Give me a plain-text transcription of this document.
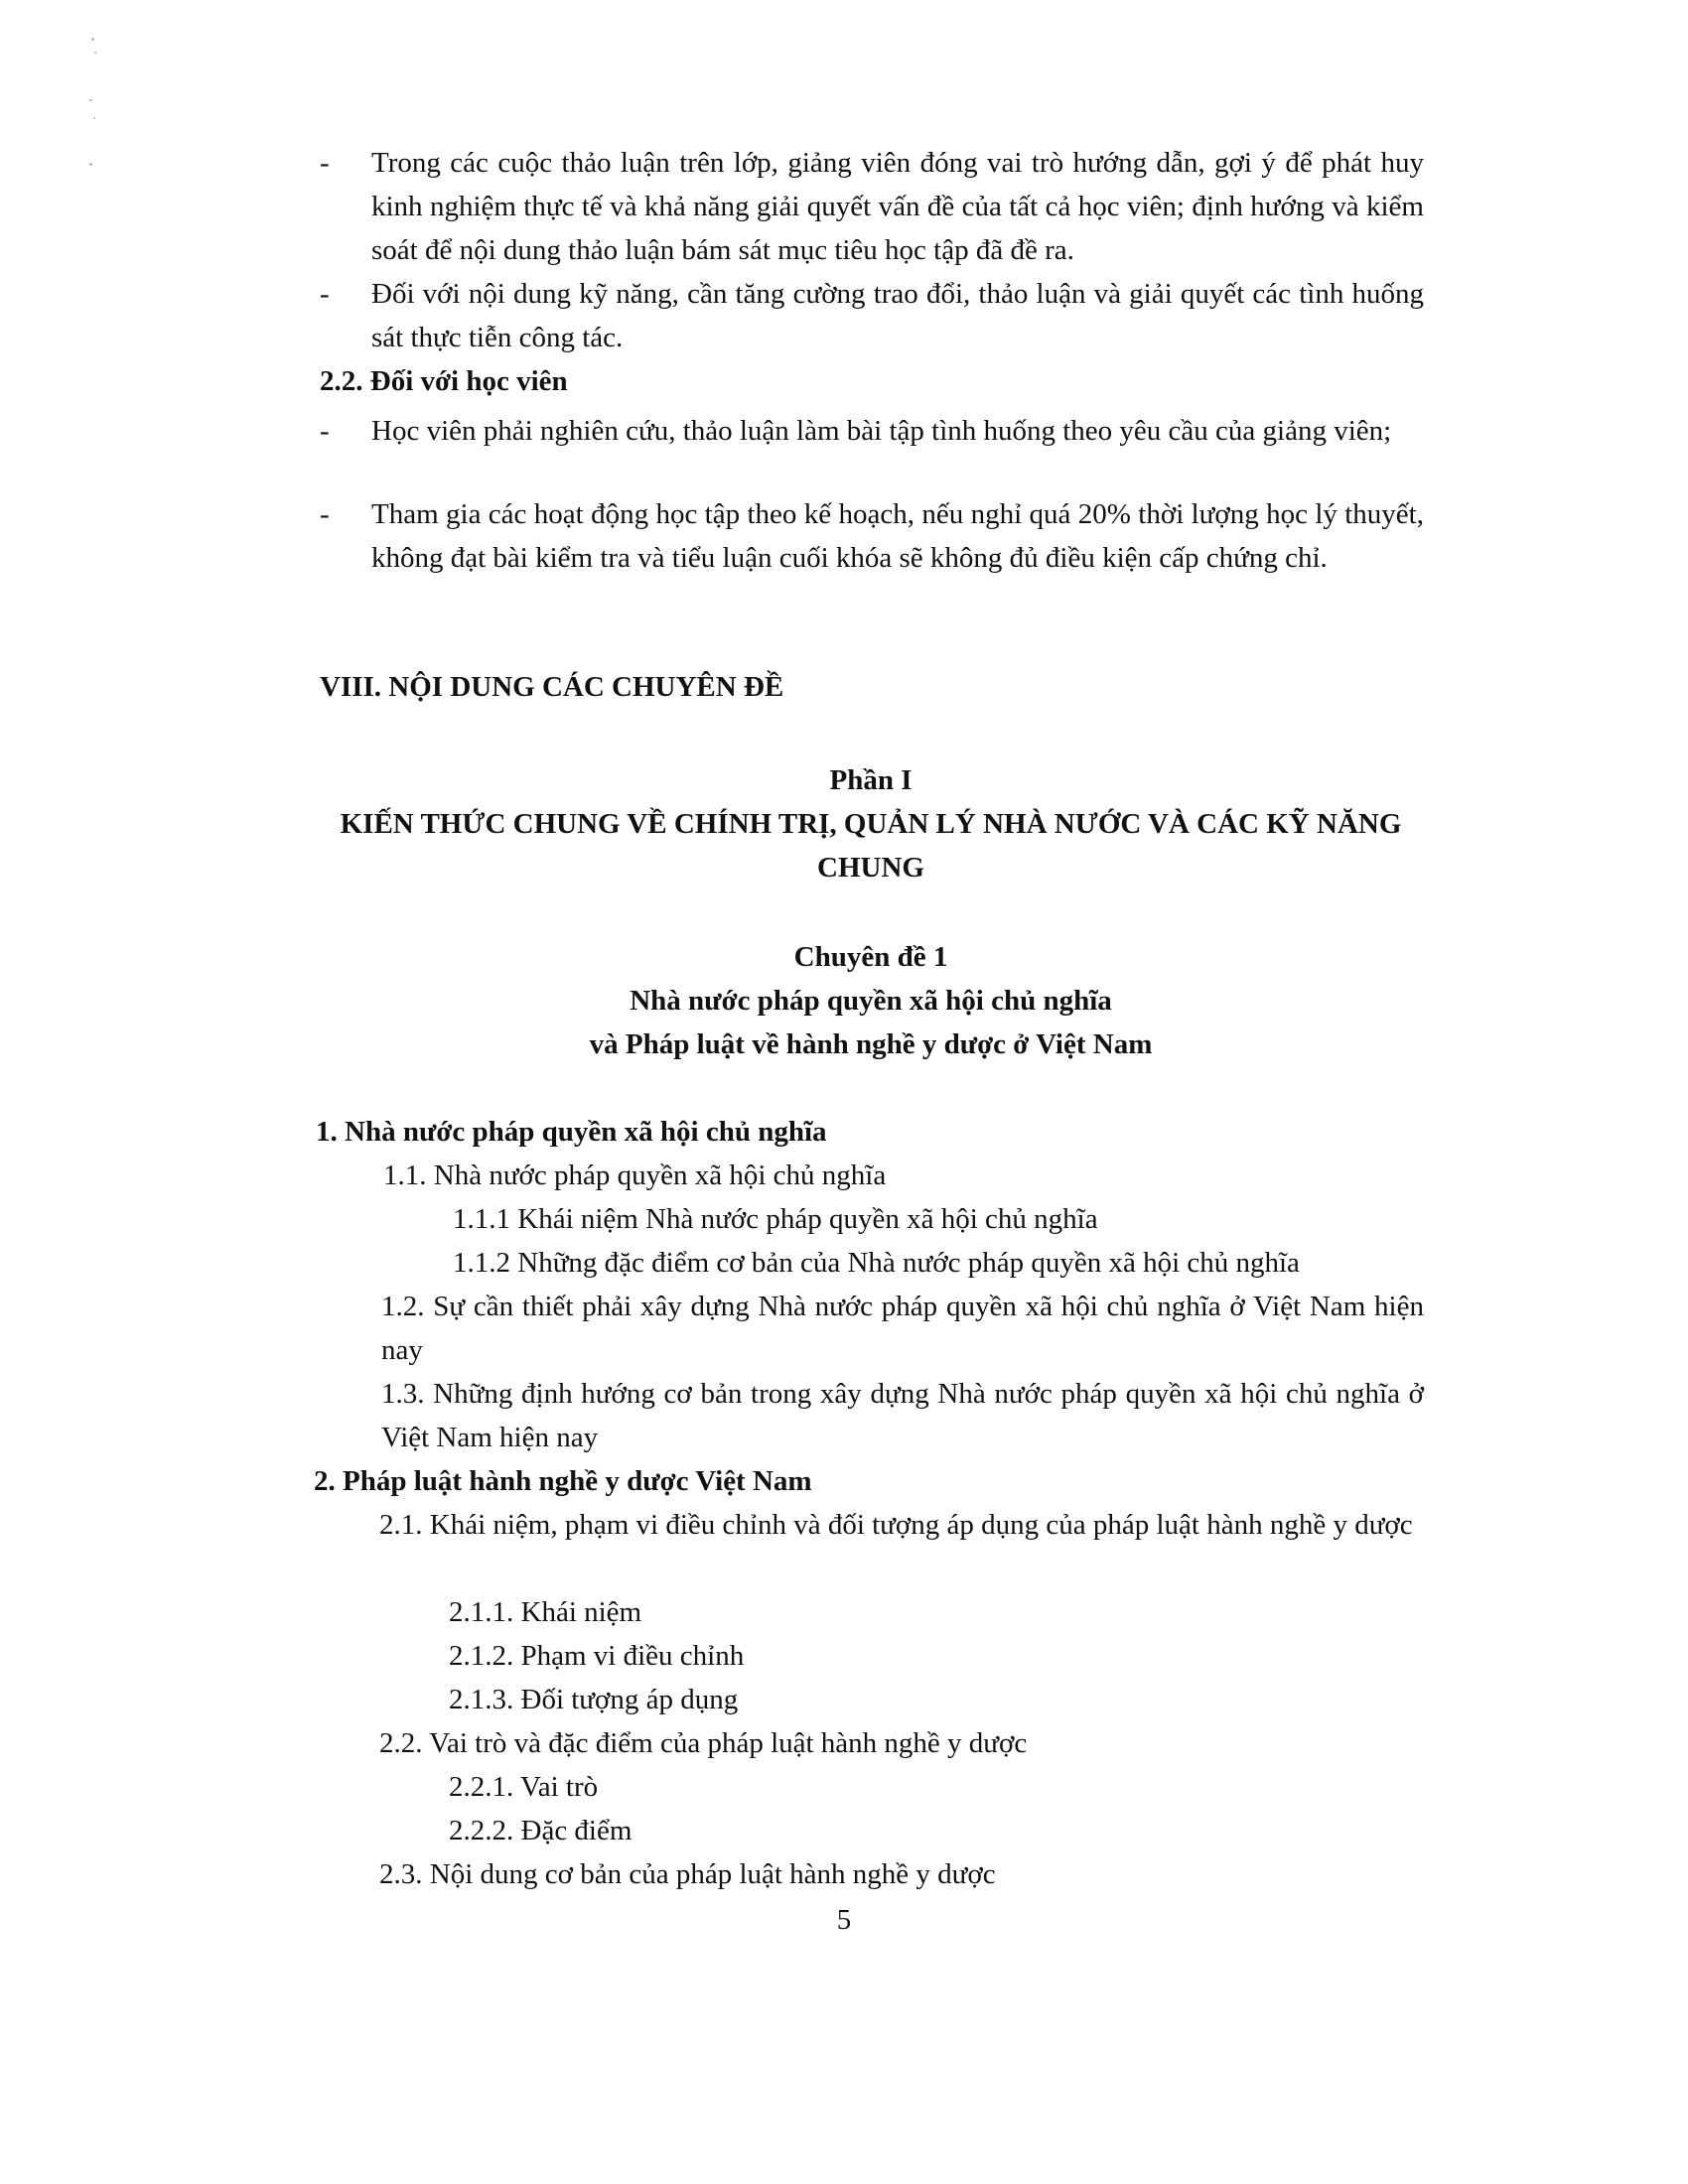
- Trong các cuộc thảo luận trên lớp, giảng viên đóng vai trò hướng dẫn, gợi ý để phát huy kinh nghiệm thực tế và khả năng giải quyết vấn đề của tất cả học viên; định hướng và kiểm soát để nội dung thảo luận bám sát mục tiêu học tập đã đề ra.

- Đối với nội dung kỹ năng, cần tăng cường trao đổi, thảo luận và giải quyết các tình huống sát thực tiễn công tác.

2.2. Đối với học viên

- Học viên phải nghiên cứu, thảo luận làm bài tập tình huống theo yêu cầu của giảng viên;

- Tham gia các hoạt động học tập theo kế hoạch, nếu nghỉ quá 20% thời lượng học lý thuyết, không đạt bài kiểm tra và tiểu luận cuối khóa sẽ không đủ điều kiện cấp chứng chỉ.

VIII. NỘI DUNG CÁC CHUYÊN ĐỀ

Phần I

KIẾN THỨC CHUNG VỀ CHÍNH TRỊ, QUẢN LÝ NHÀ NƯỚC VÀ CÁC KỸ NĂNG CHUNG

Chuyên đề 1

Nhà nước pháp quyền xã hội chủ nghĩa

và Pháp luật về hành nghề y dược ở Việt Nam

1. Nhà nước pháp quyền xã hội chủ nghĩa

1.1. Nhà nước pháp quyền xã hội chủ nghĩa

1.1.1 Khái niệm Nhà nước pháp quyền xã hội chủ nghĩa

1.1.2 Những đặc điểm cơ bản của Nhà nước pháp quyền xã hội chủ nghĩa

1.2. Sự cần thiết phải xây dựng Nhà nước pháp quyền xã hội chủ nghĩa ở Việt Nam hiện nay

1.3. Những định hướng cơ bản trong xây dựng Nhà nước pháp quyền xã hội chủ nghĩa ở Việt Nam hiện nay

2. Pháp luật hành nghề y dược Việt Nam

2.1. Khái niệm, phạm vi điều chỉnh và đối tượng áp dụng của pháp luật hành nghề y dược

2.1.1. Khái niệm

2.1.2. Phạm vi điều chỉnh

2.1.3. Đối tượng áp dụng

2.2. Vai trò và đặc điểm của pháp luật hành nghề y dược

2.2.1. Vai trò

2.2.2. Đặc điểm

2.3. Nội dung cơ bản của pháp luật hành nghề y dược

5
